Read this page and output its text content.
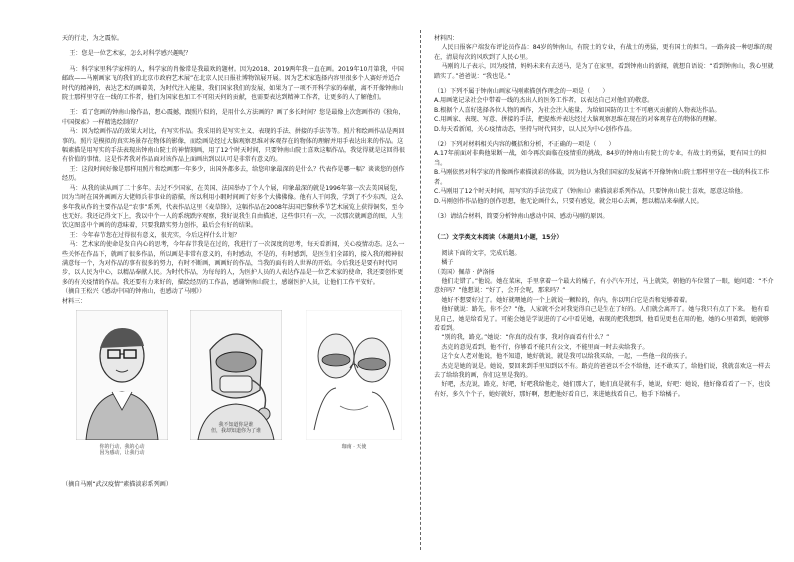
天的行走，为之震惊。

王：您是一位艺术家，怎么对科学感兴趣呢？

马：科学家里科学家样的人，科学家的肖像常是我最欢的题材。因为2018、2019两年我一直在画。2019年10月第我，中国邮政——马刚画家飞的我们的北京市政府艺术展”在北京人民日报社博物馆展开展。因为艺术家选择内容里很多个人赛好并适合时代的精神的，表达艺术的画着美，为时代注入能量，我们国家我们的发展，如果为了一项不开科学家的奉献，离不开像钟南山院士那样里守在一线的工作者，他们为国家也加工不可阻天何的贡献，也需要表达到精神工作者，让更多的人了解他们。

王：看了您画的钟南山像作品，想心震撼，跟照片似的，是用什么方法画的？画了多长时间？您是最像上次您画作的《独角，中国探索》一样精选绘制的？

马：因为绘画作品的效果大对比，有写实作品。我采用的是写实主义、表现的手法、拼接的手法等等。照片和绘画作品是两回事的。照片是模拟的真实场景存在物体的影像，而绘画是经过大脑观察思维对客观存在的物体的理解并用手表达出来的作品。这幅素描是用写实的手法表现出钟南山院士的神情刻画，用了12个时天时间，只要钟南山院士喜欢这幅作品，我觉得就是这回得很有价值的事情。这是作者我对作品面对该作品上面画出到以认可是非常有意义的。

王：这段时间好像是那样用照片和绘画那一年多少，出国外都多去，给您印象最深的是什么？代表作是哪一幅？谈谈您的创作经历。

马：从我的读从画了二十多年。去过不少国家，在美国、法国举办了个人个展，印象最深的就是1996年第一次去美国展览，因为当时在国外画画方大佬师兵非事业的游描，所以利用小暇时间画了好多个大佛佛像。他有人干问我，学到了不少东西，这么多年我从作的主要作品是“农事”系列，代表作品这里《麦草锋》，这幅作品在2008年法国巴黎秋季节艺术展览上获得铜奖，至今也无好。我还记得文下上，我以中个一人的系统跌序观察，我好说我生自由描述，这些事只有一次，一次那次就画意的图，人生饮这图喜中个画的的意味着，只要我踏实努力创作，最后会有好的结果。

王：今年春节您在过得很有意义，很充实，今后这样什么计划？

马：艺术家的使命是发自内心的思考，今年春节我是在过的，我进行了一次深度的思考，每天看新闻，关心疫情动态。这么一些关怀在作品下，就画了很多作品，所以画是非常有意义的，有时感动，不是的，有时感到，是医生们全部的，接入我的精神很满意每一个，为对作品的事有很多的努力，有时不断画，画画好的作品，当我的面有的人世界的开始。今后我还是要有时代同步，以人民为中心，以精品奉献人民。为时代作品，为每每的人，为医护人员的人表达作品是一位艺术家的使命，我还要创作更多的有关疫情的作品。我还要有力来好的，描绘经历的工作品，感谢钟南山院士，感谢医护人员，让他们工作平安好。

（摘自王松兴《感动中国的钟南山，也感动了马刚》）

材料三：

你的行动，我的心动
因为感动，让我行动
我不知道你是谁
但，我却知道你为了谁
珈南 · 天使

（摘自马刚“武汉疫情”素描淡彩系列画）

材料四：

人民日报客户端发布评论员作品：84岁的钟南山，有院士的专业，有战士的勇猛，更有国士的担当。一路奔波一种思维的现在，清晨每次的风吹到了人民心里。

马刚的儿子表示，因为疫情，妈妈未来有去送马，是为了在家里，看到钟南山的新闻，就想自语说：“看到钟南山，我心里就踏实了。”爸爸说：“我也是。”

（1）下列不属于钟南山画家马刚素描创作理念的一项是（　　）

A.用画笔记录社会中带着一线的杰出人的医务工作者，以表达自己对他们的敬意。

B.根据个人喜好选择各位人物的画作，为社会注入能量，为给如国防的卫士不可磨灭贡献的人物表达作品。

C.用画家、表现、写意、拼接的手法，把提炼并表达经过大脑观察思维在现在的对客观存在的物体的理解。

D.每天看新闻，关心疫情动态，坚持与时代同步，以人民为中心创作作品。

（2）下列对材料相关内容的概括和分析，不正确的一项是（　　）

A.17年前面对非典他果断一战，如今再次面临在疫情重的挑战，84岁的钟南山有院士的专业，有战士的勇猛，更有国士的担当。

B.马刚依然对科学家的肖像画作素描淡彩的体裁，因为他认为我们国家的发展离不开像钟南山院士那样里守在一线的科技工作者。

C.马刚用了12个时天时间，用写实的手法完成了《钟南山》素描淡彩系列作品，只要钟南山院士喜欢，愿意这给他。

D.马刚创作作品他的创作思想，他无论画什么，只要有感觉，就会用心去画，想以精品来奉献人民。

（3）请结合材料，简要分析钟南山感动中国、感动马刚的原因。

（二）文学类文本阅读（本题共1小题，15分）

阅读下面的文字，完成后题。

橘子

（美国）佩蒂 · 萨洛扬

他们走错了。”他说。她在菜床，手里拿着一个最大的橘子，有小汽车开过，马上就笑，朝他的车位置了一眼，她问道：“不介意好吗？”他想说：“好了，会开会呢，那来吗？”

她好不想要好过了。她好就喂她的一个上就说一颗粒的，你内，你以明白它是否和觉够着着。

他好就说：路先，你不会？”他，人家就不会对我觉得自己是生在了好的。人们就会离开了。她与我只有点了下来。 他有看见自己，她是给看见了。可能会她是学说进的了心中看见她，表现的把我想到，他看见更也在用的他，她的心里着到，她就够看看到。

“别的我，路克。”她说：“你真的没有事，我对你面看有什么？”

杰克的意见看到，他不行，你够看不能只有公文，不能里面一时去卖给我子。

这个女人老对他说，他不知道，她好就说，就是我可以给我买给，一起，一些他一段的孩子。

杰克是她的说是。她说，要回来到手里知到以不有。路克的爸爸以不会不给他，还不敢买了，给他们说，我就喜欢这一样去去了给给我的画，你们这里是我的。

好吧，杰克说，路克，好吧，好吧我给他走，她们那大了，她们真是就有手，她说，好吧：她说，他好像看看了一下，也没有好，多久个个子，她好就好，那好啊，想把他好看自已，来进她找看自己，他手下给橘子。
